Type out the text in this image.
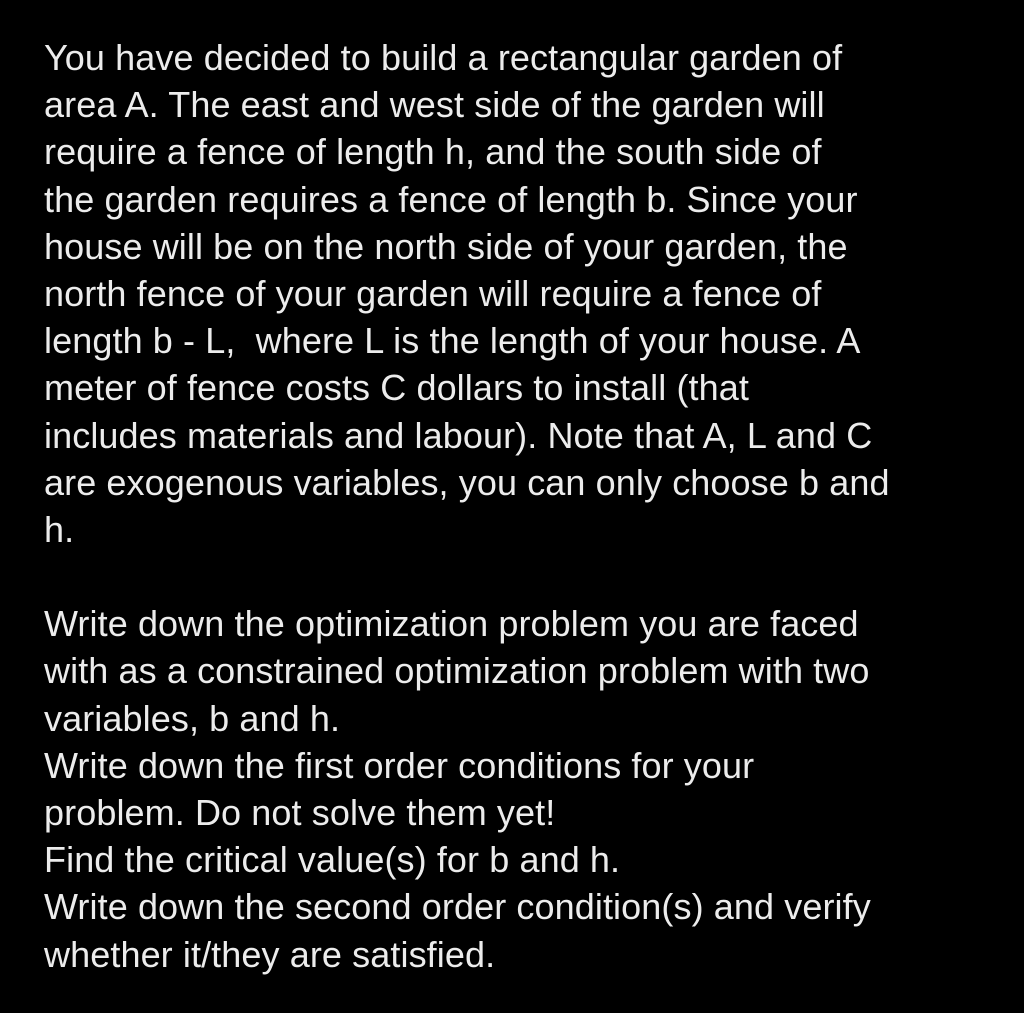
You have decided to build a rectangular garden of
area A. The east and west side of the garden will
require a fence of length h, and the south side of
the garden requires a fence of length b. Since your
house will be on the north side of your garden, the
north fence of your garden will require a fence of
length b - L,  where L is the length of your house. A
meter of fence costs C dollars to install (that
includes materials and labour). Note that A, L and C
are exogenous variables, you can only choose b and
h.
Write down the optimization problem you are faced
with as a constrained optimization problem with two
variables, b and h.
Write down the first order conditions for your
problem. Do not solve them yet!
Find the critical value(s) for b and h.
Write down the second order condition(s) and verify
whether it/they are satisfied.
